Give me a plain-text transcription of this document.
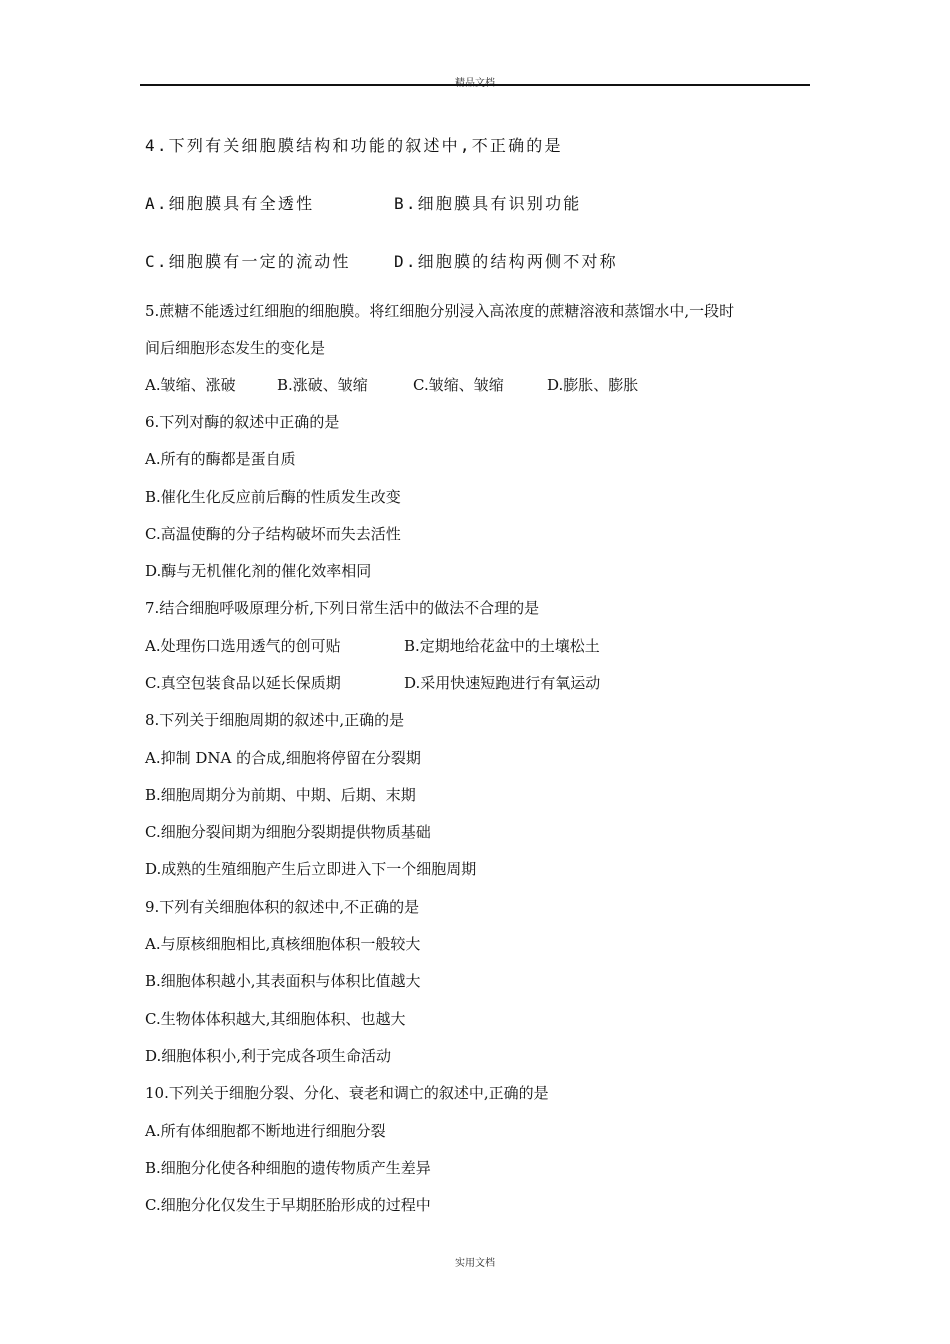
精品文档
4.下列有关细胞膜结构和功能的叙述中,不正确的是
A.细胞膜具有全透性	B.细胞膜具有识别功能
C.细胞膜有一定的流动性	D.细胞膜的结构两侧不对称
5.蔗糖不能透过红细胞的细胞膜。将红细胞分别浸入高浓度的蔗糖溶液和蒸馏水中,一段时
间后细胞形态发生的变化是
A.皱缩、涨破	B.涨破、皱缩	C.皱缩、皱缩	D.膨胀、膨胀
6.下列对酶的叙述中正确的是
A.所有的酶都是蛋自质
B.催化生化反应前后酶的性质发生改变
C.高温使酶的分子结构破坏而失去活性
D.酶与无机催化剂的催化效率相同
7.结合细胞呼吸原理分析,下列日常生活中的做法不合理的是
A.处理伤口选用透气的创可贴	B.定期地给花盆中的土壤松土
C.真空包装食品以延长保质期	D.采用快速短跑进行有氧运动
8.下列关于细胞周期的叙述中,正确的是
A.抑制 DNA 的合成,细胞将停留在分裂期
B.细胞周期分为前期、中期、后期、末期
C.细胞分裂间期为细胞分裂期提供物质基础
D.成熟的生殖细胞产生后立即进入下一个细胞周期
9.下列有关细胞体积的叙述中,不正确的是
A.与原核细胞相比,真核细胞体积一般较大
B.细胞体积越小,其表面积与体积比值越大
C.生物体体积越大,其细胞体积、也越大
D.细胞体积小,利于完成各项生命活动
10.下列关于细胞分裂、分化、衰老和调亡的叙述中,正确的是
A.所有体细胞都不断地进行细胞分裂
B.细胞分化使各种细胞的遗传物质产生差异
C.细胞分化仅发生于早期胚胎形成的过程中
实用文档
